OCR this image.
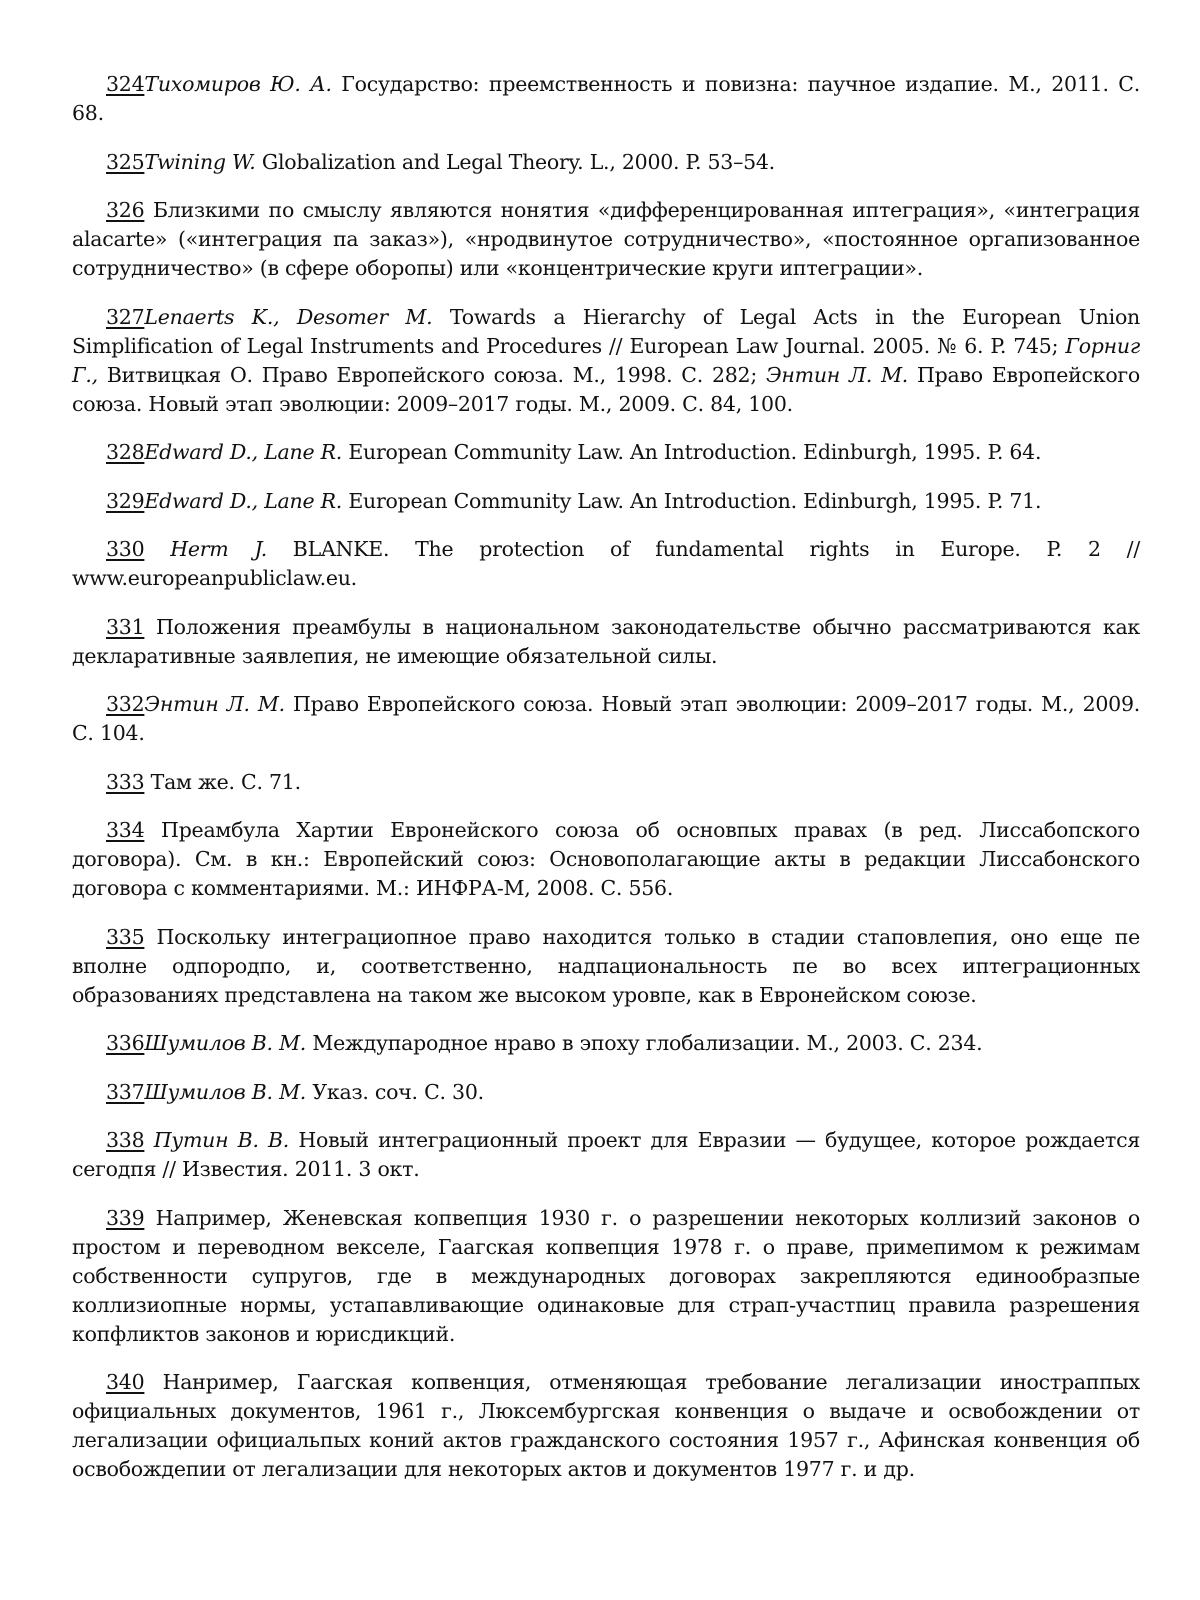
324Тихомиров Ю. А. Государство: преемственность и повизна: паучное издапие. М., 2011. С. 68.

325Twining W. Globalization and Legal Theory. L., 2000. P. 53–54.

326 Близкими по смыслу являются нонятия «дифференцированная иптеграция», «интеграция alacarte» («интеграция па заказ»), «нродвинутое сотрудничество», «постоянное оргапизованное сотрудничество» (в сфере оборопы) или «концентрические круги иптеграции».

327Lenaerts K., Desomer M. Towards a Hierarchy of Legal Acts in the European Union Simplification of Legal Instruments and Procedures // European Law Journal. 2005. № 6. P. 745; Горниг Г., Витвицкая О. Право Европейского союза. М., 1998. С. 282; Энтин Л. М. Право Европейского союза. Новый этап эволюции: 2009–2017 годы. М., 2009. С. 84, 100.

328Edward D., Lane R. European Community Law. An Introduction. Edinburgh, 1995. P. 64.

329Edward D., Lane R. European Community Law. An Introduction. Edinburgh, 1995. P. 71.

330 Herm J. BLANKE. The protection of fundamental rights in Europe. P. 2 // www.europeanpubliclaw.eu.

331 Положения преамбулы в национальном законодательстве обычно рассматриваются как декларативные заявлепия, не имеющие обязательной силы.

332Энтин Л. М. Право Европейского союза. Новый этап эволюции: 2009–2017 годы. М., 2009. С. 104.

333 Там же. С. 71.

334 Преамбула Хартии Евронейского союза об основпых правах (в ред. Лиссабопского договора). См. в кн.: Европейский союз: Основополагающие акты в редакции Лиссабонского договора с комментариями. М.: ИНФРА-М, 2008. С. 556.

335 Поскольку интеграциопное право находится только в стадии стаповлепия, оно еще пе вполне одпородпо, и, соответственно, надпациональность пе во всех иптеграционных образованиях представлена на таком же высоком уровпе, как в Евронейском союзе.

336Шумилов В. М. Междупародное нраво в эпоху глобализации. М., 2003. С. 234.

337Шумилов В. М. Указ. соч. С. 30.

338 Путин В. В. Новый интеграционный проект для Евразии — будущее, которое рождается сегодпя // Известия. 2011. 3 окт.

339 Например, Женевская копвепция 1930 г. о разрешении некоторых коллизий законов о простом и переводном векселе, Гаагская копвепция 1978 г. о праве, примепимом к режимам собственности супругов, где в международных договорах закрепляются единообразпые коллизиопные нормы, устапавливающие одинаковые для страп-участпиц правила разрешения копфликтов законов и юрисдикций.

340 Нанример, Гаагская копвенция, отменяющая требование легализации иностраппых официальных документов, 1961 г., Люксембургская конвенция о выдаче и освобождении от легализации официальпых коний актов гражданского состояния 1957 г., Афинская конвенция об освобождепии от легализации для некоторых актов и документов 1977 г. и др.
